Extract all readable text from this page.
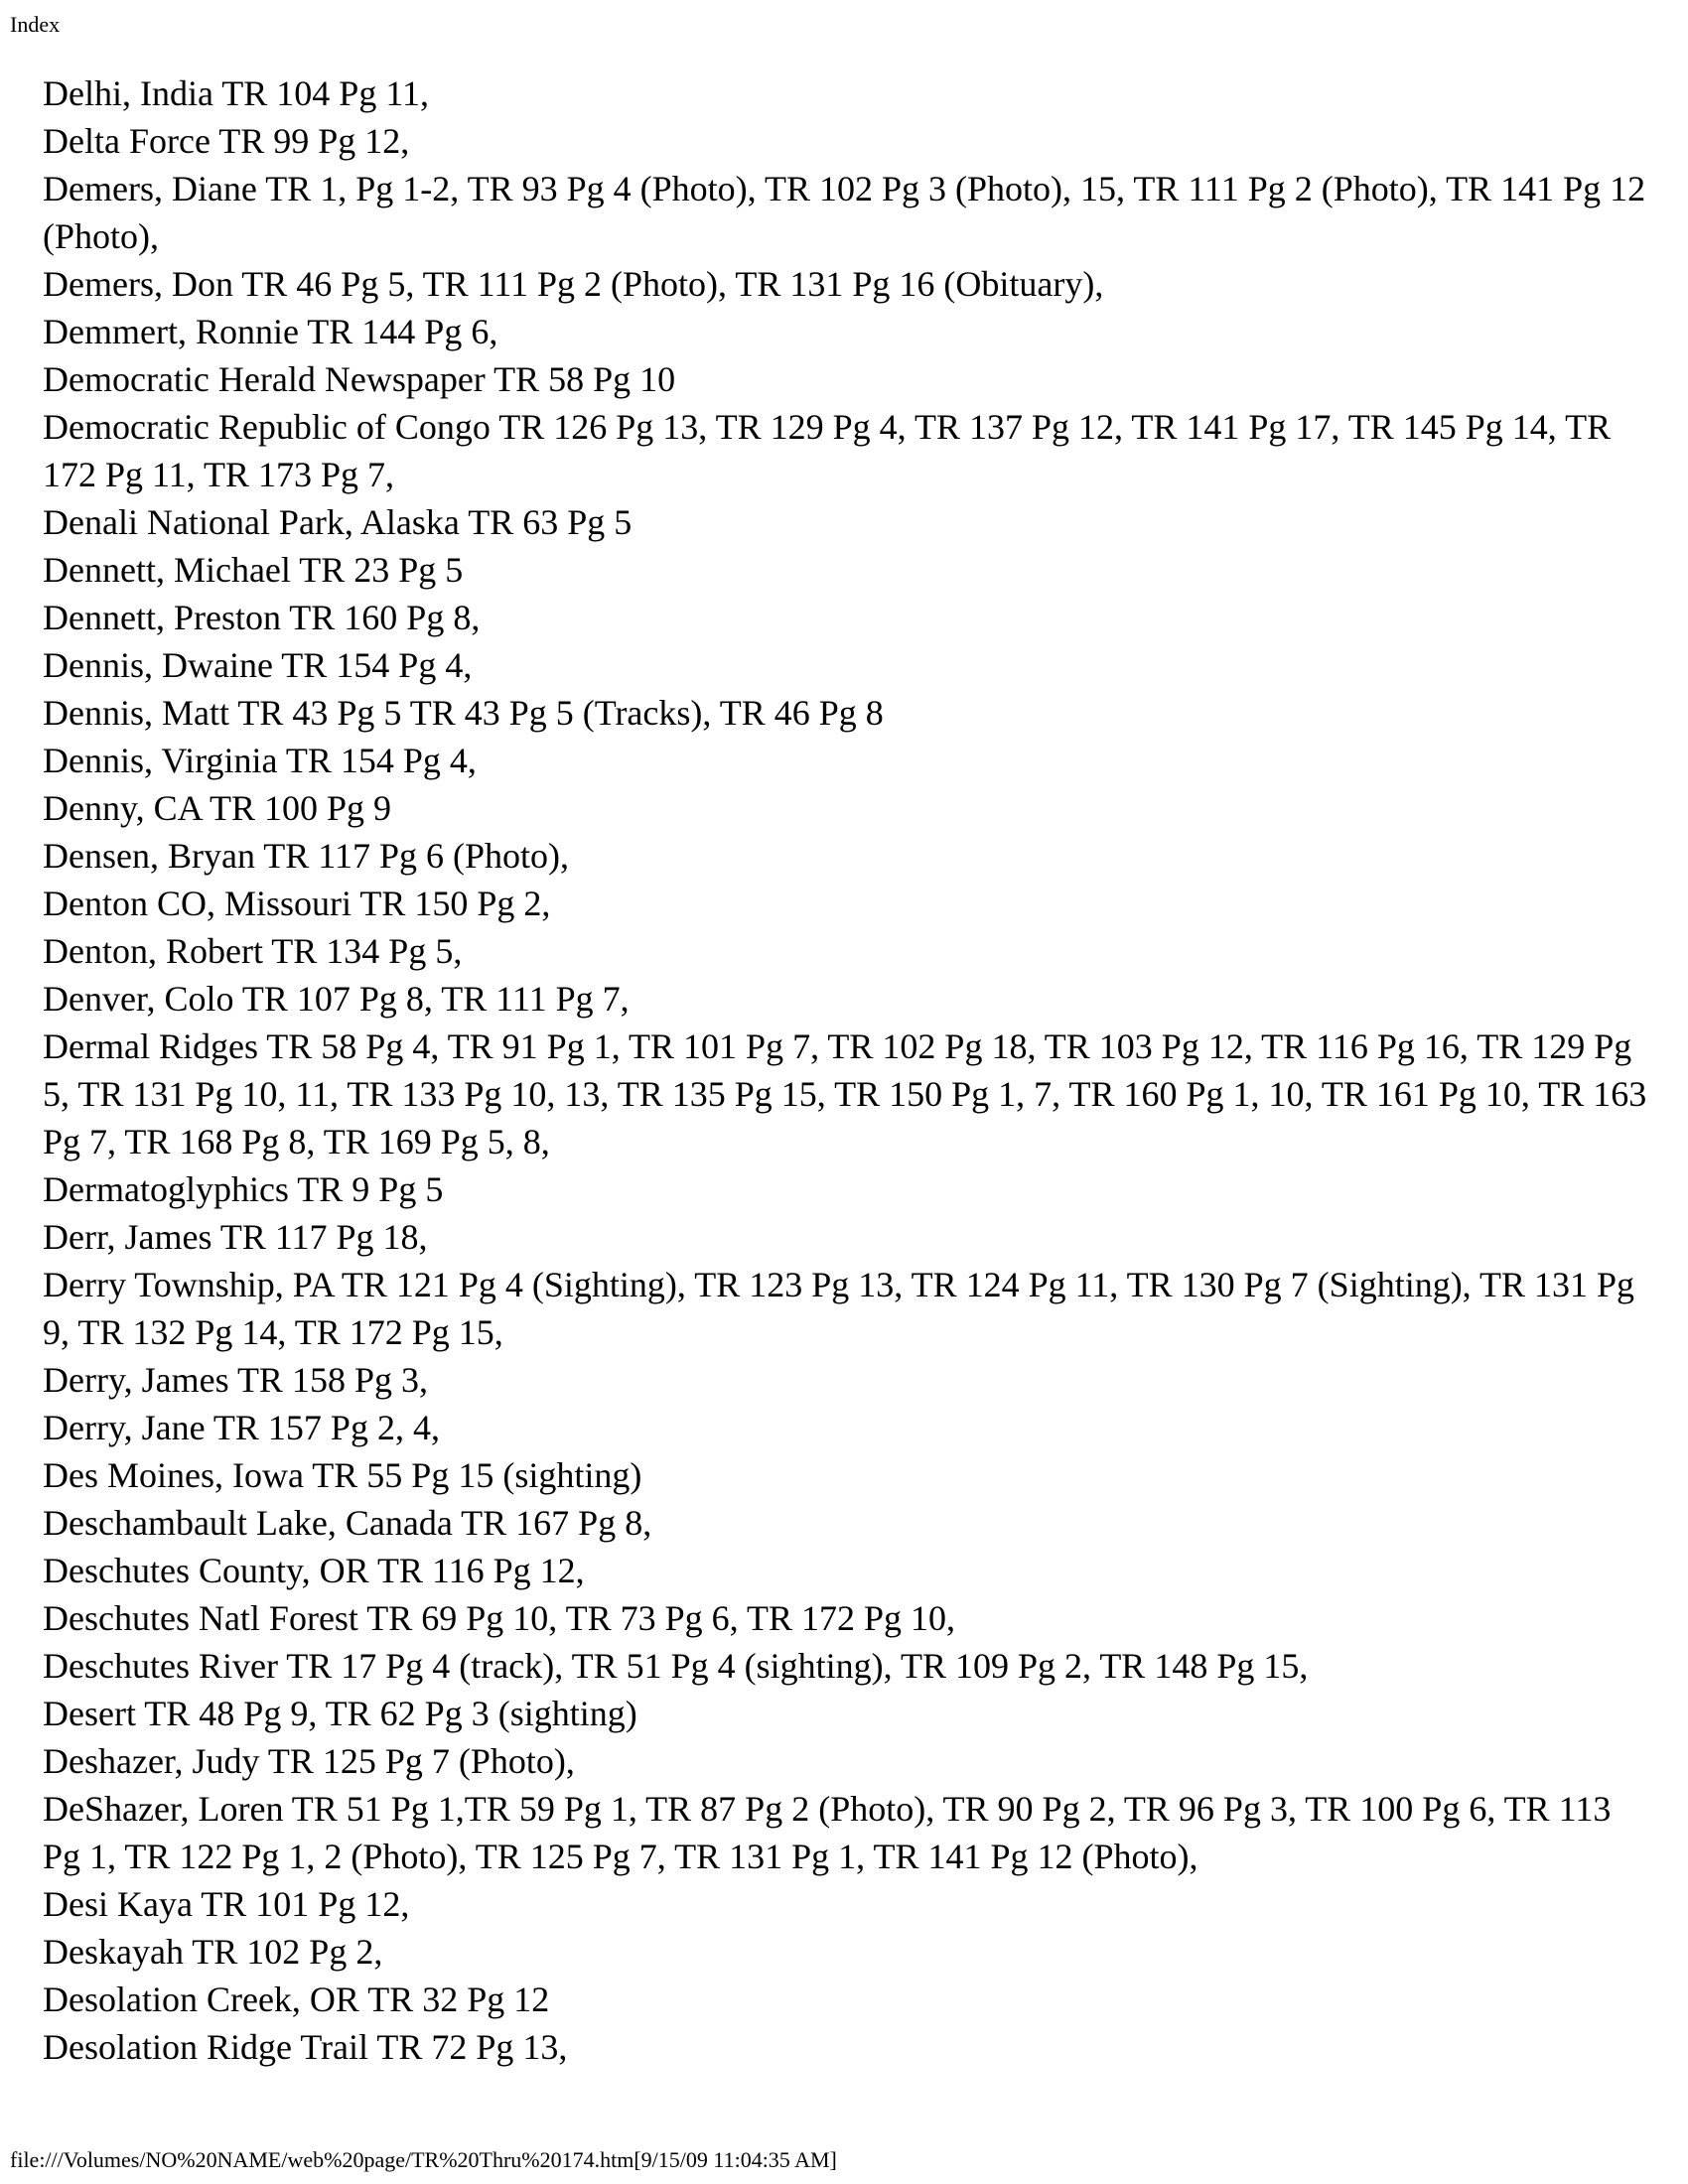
Index
Delhi, India TR 104 Pg 11,
Delta Force TR 99 Pg 12,
Demers, Diane TR 1, Pg 1-2, TR 93 Pg 4 (Photo), TR 102 Pg 3 (Photo), 15, TR 111 Pg 2 (Photo), TR 141 Pg 12 (Photo),
Demers, Don TR 46 Pg 5, TR 111 Pg 2 (Photo), TR 131 Pg 16 (Obituary),
Demmert, Ronnie TR 144 Pg 6,
Democratic Herald Newspaper TR 58 Pg 10
Democratic Republic of Congo TR 126 Pg 13, TR 129 Pg 4, TR 137 Pg 12, TR 141 Pg 17, TR 145 Pg 14, TR 172 Pg 11, TR 173 Pg 7,
Denali National Park, Alaska TR 63 Pg 5
Dennett, Michael TR 23 Pg 5
Dennett, Preston TR 160 Pg 8,
Dennis, Dwaine TR 154 Pg 4,
Dennis, Matt TR 43 Pg 5 TR 43 Pg 5 (Tracks), TR 46 Pg 8
Dennis, Virginia TR 154 Pg 4,
Denny, CA TR 100 Pg 9
Densen, Bryan TR 117 Pg 6 (Photo),
Denton CO, Missouri TR 150 Pg 2,
Denton, Robert TR 134 Pg 5,
Denver, Colo TR 107 Pg 8, TR 111 Pg 7,
Dermal Ridges TR 58 Pg 4, TR 91 Pg 1, TR 101 Pg 7, TR 102 Pg 18, TR 103 Pg 12, TR 116 Pg 16, TR 129 Pg 5, TR 131 Pg 10, 11, TR 133 Pg 10, 13, TR 135 Pg 15, TR 150 Pg 1, 7, TR 160 Pg 1, 10, TR 161 Pg 10, TR 163 Pg 7, TR 168 Pg 8, TR 169 Pg 5, 8,
Dermatoglyphics TR 9 Pg 5
Derr, James TR 117 Pg 18,
Derry Township, PA TR 121 Pg 4 (Sighting), TR 123 Pg 13, TR 124 Pg 11, TR 130 Pg 7 (Sighting), TR 131 Pg 9, TR 132 Pg 14, TR 172 Pg 15,
Derry, James TR 158 Pg 3,
Derry, Jane TR 157 Pg 2, 4,
Des Moines, Iowa TR 55 Pg 15 (sighting)
Deschambault Lake, Canada TR 167 Pg 8,
Deschutes County, OR TR 116 Pg 12,
Deschutes Natl Forest TR 69 Pg 10, TR 73 Pg 6, TR 172 Pg 10,
Deschutes River TR 17 Pg 4 (track), TR 51 Pg 4 (sighting), TR 109 Pg 2, TR 148 Pg 15,
Desert TR 48 Pg 9, TR 62 Pg 3 (sighting)
Deshazer, Judy TR 125 Pg 7 (Photo),
DeShazer, Loren TR 51 Pg 1,TR 59 Pg 1, TR 87 Pg 2 (Photo), TR 90 Pg 2, TR 96 Pg 3, TR 100 Pg 6, TR 113 Pg 1, TR 122 Pg 1, 2 (Photo), TR 125 Pg 7, TR 131 Pg 1, TR 141 Pg 12 (Photo),
Desi Kaya TR 101 Pg 12,
Deskayah TR 102 Pg 2,
Desolation Creek, OR TR 32 Pg 12
Desolation Ridge Trail TR 72 Pg 13,
file:///Volumes/NO%20NAME/web%20page/TR%20Thru%20174.htm[9/15/09 11:04:35 AM]
